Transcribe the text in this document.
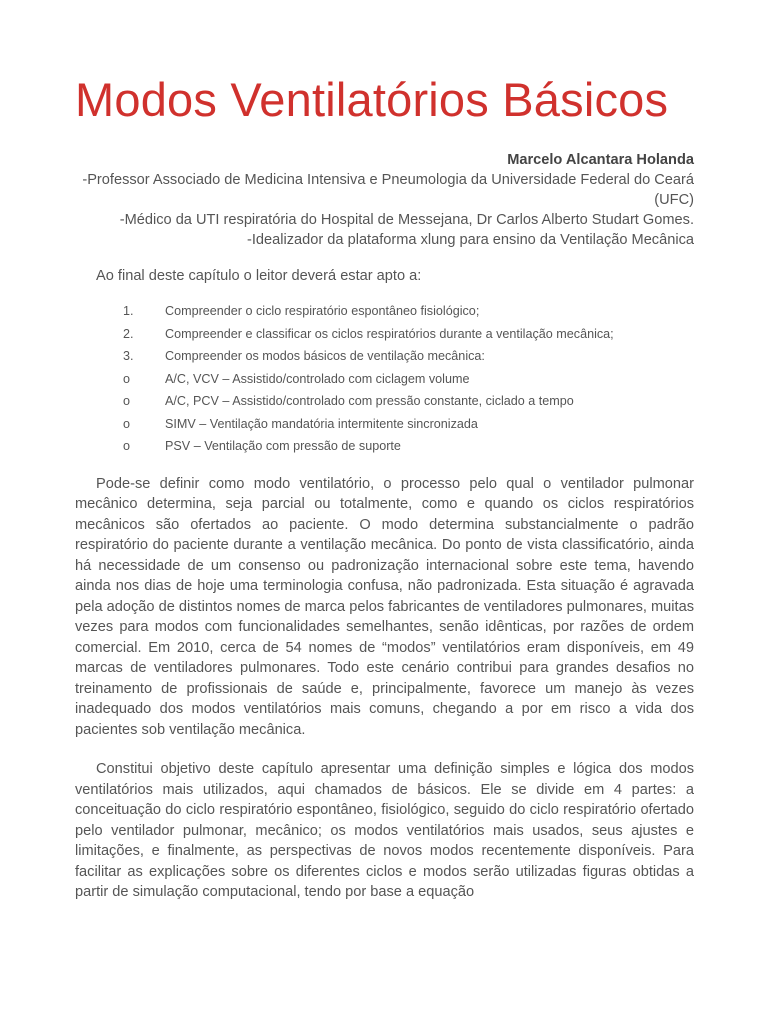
Modos Ventilatórios Básicos
Marcelo Alcantara Holanda
-Professor Associado de Medicina Intensiva e Pneumologia da Universidade Federal do Ceará (UFC)
-Médico da UTI respiratória do Hospital de Messejana, Dr Carlos Alberto Studart Gomes.
-Idealizador da plataforma xlung para ensino da Ventilação Mecânica
Ao final deste capítulo o leitor deverá estar apto a:
1.	Compreender o ciclo respiratório espontâneo fisiológico;
2.	Compreender e classificar os ciclos respiratórios durante a ventilação mecânica;
3.	Compreender os modos básicos de ventilação mecânica:
o	A/C, VCV – Assistido/controlado com ciclagem volume
o	A/C, PCV – Assistido/controlado com pressão constante, ciclado a tempo
o	SIMV – Ventilação mandatória intermitente sincronizada
o	PSV – Ventilação com pressão de suporte

Pode-se definir como modo ventilatório, o processo pelo qual o ventilador pulmonar mecânico determina, seja parcial ou totalmente, como e quando os ciclos respiratórios mecânicos são ofertados ao paciente. O modo determina substancialmente o padrão respiratório do paciente durante a ventilação mecânica. Do ponto de vista classificatório, ainda há necessidade de um consenso ou padronização internacional sobre este tema, havendo ainda nos dias de hoje uma terminologia confusa, não padronizada. Esta situação é agravada pela adoção de distintos nomes de marca pelos fabricantes de ventiladores pulmonares, muitas vezes para modos com funcionalidades semelhantes, senão idênticas, por razões de ordem comercial. Em 2010, cerca de 54 nomes de “modos” ventilatórios eram disponíveis, em 49 marcas de ventiladores pulmonares. Todo este cenário contribui para grandes desafios no treinamento de profissionais de saúde e, principalmente, favorece um manejo às vezes inadequado dos modos ventilatórios mais comuns, chegando a por em risco a vida dos pacientes sob ventilação mecânica.

Constitui objetivo deste capítulo apresentar uma definição simples e lógica dos modos ventilatórios mais utilizados, aqui chamados de básicos. Ele se divide em 4 partes: a conceituação do ciclo respiratório espontâneo, fisiológico, seguido do ciclo respiratório ofertado pelo ventilador pulmonar, mecânico; os modos ventilatórios mais usados, seus ajustes e limitações, e finalmente, as perspectivas de novos modos recentemente disponíveis. Para facilitar as explicações sobre os diferentes ciclos e modos serão utilizadas figuras obtidas a partir de simulação computacional, tendo por base a equação
